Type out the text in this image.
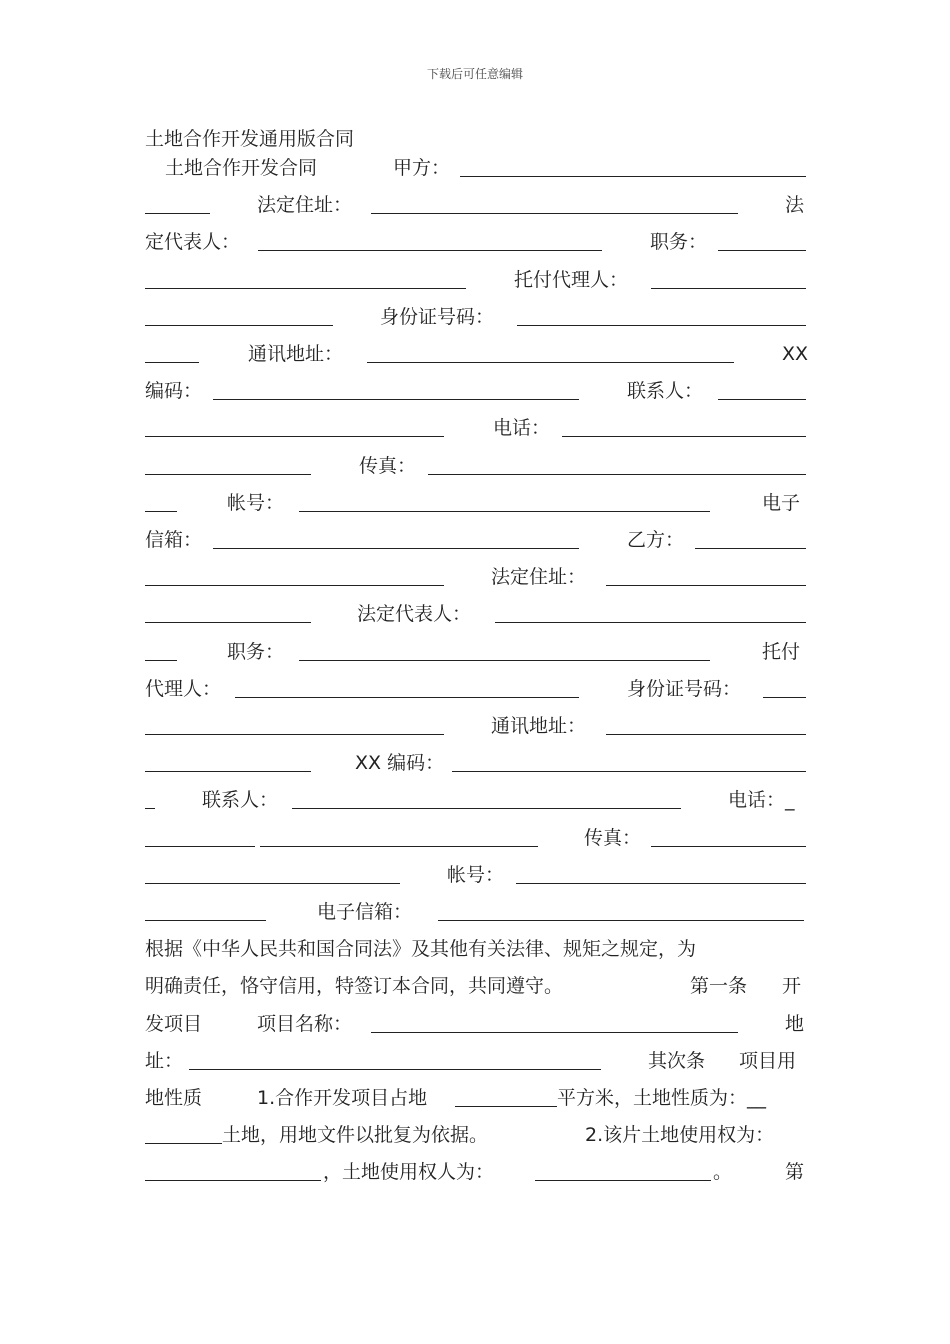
下载后可任意编辑
土地合作开发通用版合同
土地合作开发合同	甲方：
法定住址：	法
定代表人：	职务：
托付代理人：
身份证号码：
通讯地址：	XX
编码：	联系人：
电话：
传真：
帐号：	电子
信箱：	乙方：
法定住址：
法定代表人：
职务：	托付
代理人：	身份证号码：
通讯地址：
XX 编码：
联系人：	电话：_
传真：
帐号：
电子信箱：
根据《中华人民共和国合同法》及其他有关法律、规矩之规定，为
明确责任，恪守信用，特签订本合同，共同遵守。	第一条 开
发项目	项目名称：	地
址：	其次条 项目用
地性质	1.合作开发项目占地	平方米，土地性质为：__
土地，用地文件以批复为依据。	2.该片土地使用权为：
，土地使用权人为：	。	第
